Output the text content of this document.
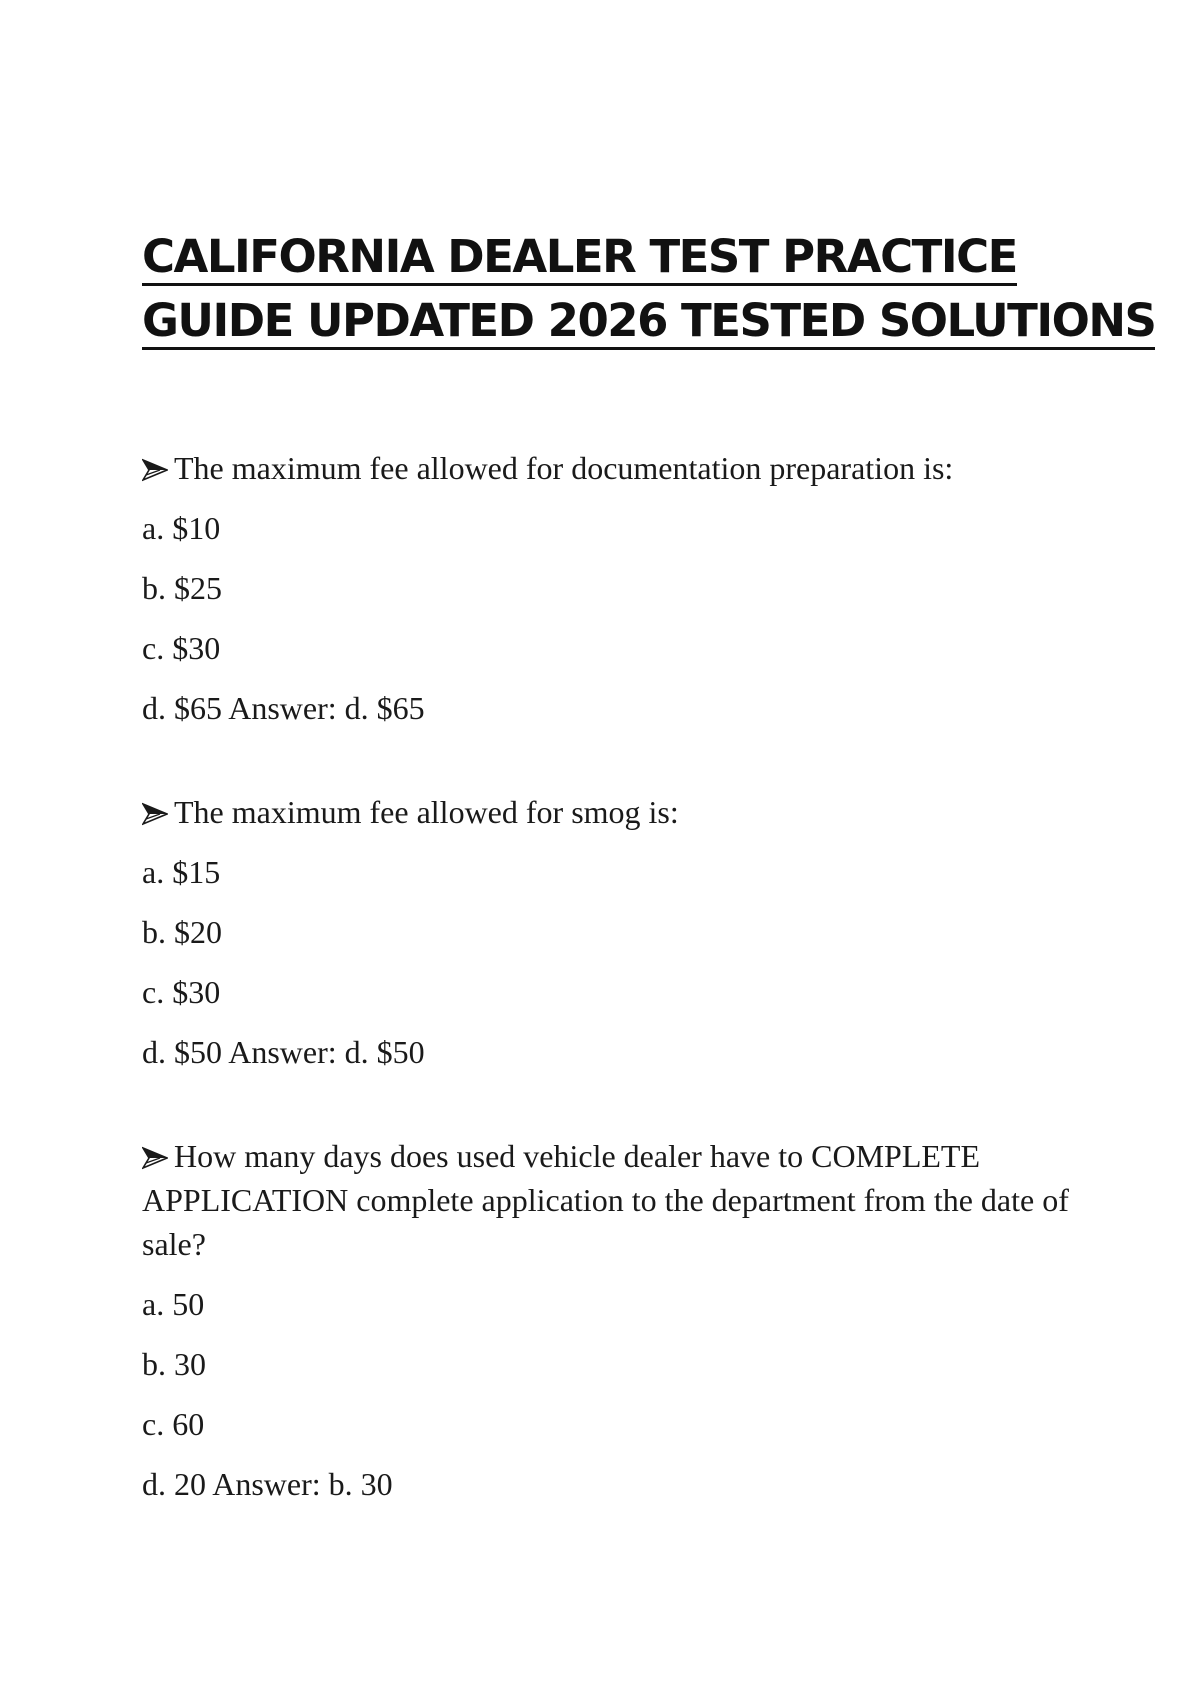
CALIFORNIA DEALER TEST PRACTICE
GUIDE UPDATED 2026 TESTED SOLUTIONS

The maximum fee allowed for documentation preparation is:

a. $10
b. $25
c. $30
d. $65 Answer: d. $65

The maximum fee allowed for smog is:

a. $15
b. $20
c. $30
d. $50 Answer: d. $50

How many days does used vehicle dealer have to COMPLETE APPLICATION complete application to the department from the date of sale?

a. 50
b. 30
c. 60
d. 20 Answer: b. 30
